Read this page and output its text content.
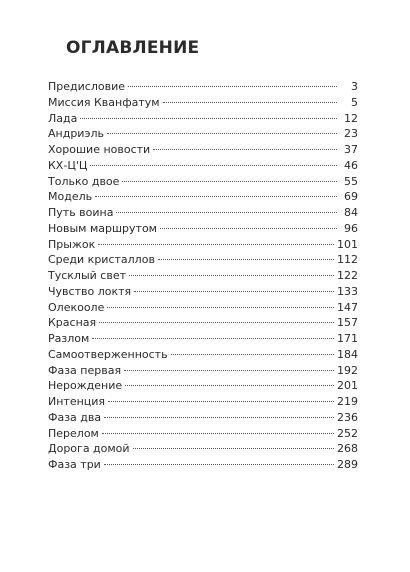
ОГЛАВЛЕНИЕ
Предисловие	3
Миссия Кванфатум	5
Лада	12
Андриэль	23
Хорошие новости	37
КХ-Ц'Ц	46
Только двое	55
Модель	69
Путь воина	84
Новым маршрутом	96
Прыжок	101
Среди кристаллов	112
Тусклый свет	122
Чувство локтя	133
Олекооле	147
Красная	157
Разлом	171
Самоотверженность	184
Фаза первая	192
Нерождение	201
Интенция	219
Фаза два	236
Перелом	252
Дорога домой	268
Фаза три	289
